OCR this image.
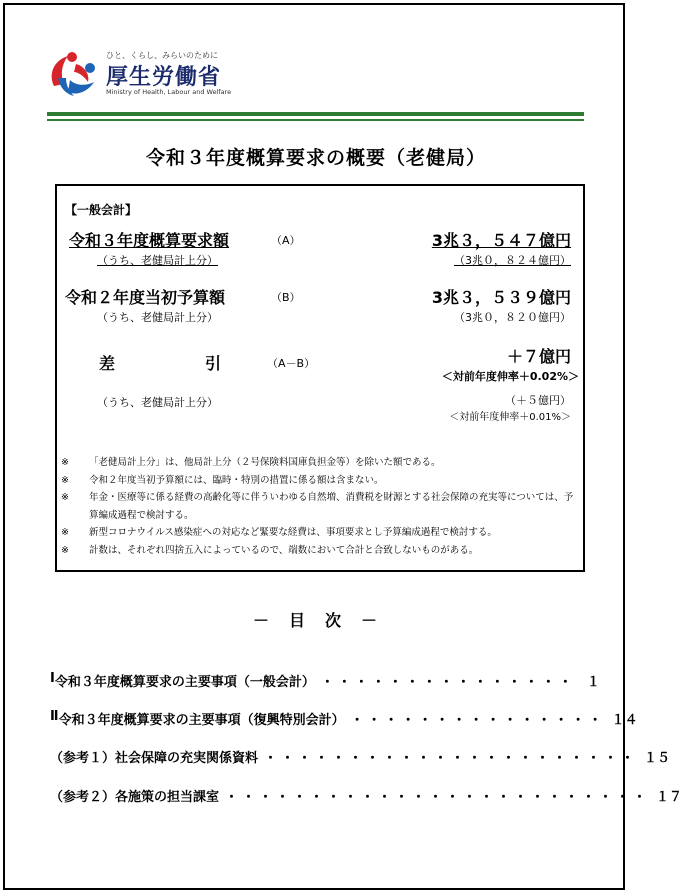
ひと、くらし、みらいのために
厚生労働省
Ministry of Health, Labour and Welfare
令和３年度概算要求の概要（老健局）
【一般会計】
令和３年度概算要求額	（A）	3兆３，５４７億円
（うち、老健局計上分）	（3兆０，８２４億円）
令和２年度当初予算額	（B）	3兆３，５３９億円
（うち、老健局計上分）	（3兆０，８２０億円）
差	引	（A－B）	＋７億円
＜対前年度伸率＋0.02%＞
（うち、老健局計上分）	（＋５億円）
＜対前年度伸率＋0.01%＞
※ 「老健局計上分」は、他局計上分（２号保険料国庫負担金等）を除いた額である。
※ 令和２年度当初予算額には、臨時・特別の措置に係る額は含まない。
※ 年金・医療等に係る経費の高齢化等に伴ういわゆる自然増、消費税を財源とする社会保障の充実等については、予算編成過程で検討する。
※ 新型コロナウイルス感染症への対応など緊要な経費は、事項要求とし予算編成過程で検討する。
※ 計数は、それぞれ四捨五入によっているので、端数において合計と合致しないものがある。
－　目　次　－
Ⅰ 令和３年度概算要求の主要事項（一般会計） ・・・・・・・・・・・・・・・ １
Ⅱ 令和３年度概算要求の主要事項（復興特別会計） ・・・・・・・・・・・・・・・ １４
（参考１）社会保障の充実関係資料 ・・・・・・・・・・・・・・・・・・・・・・ １５
（参考２）各施策の担当課室 ・・・・・・・・・・・・・・・・・・・・・・・・・ １７
